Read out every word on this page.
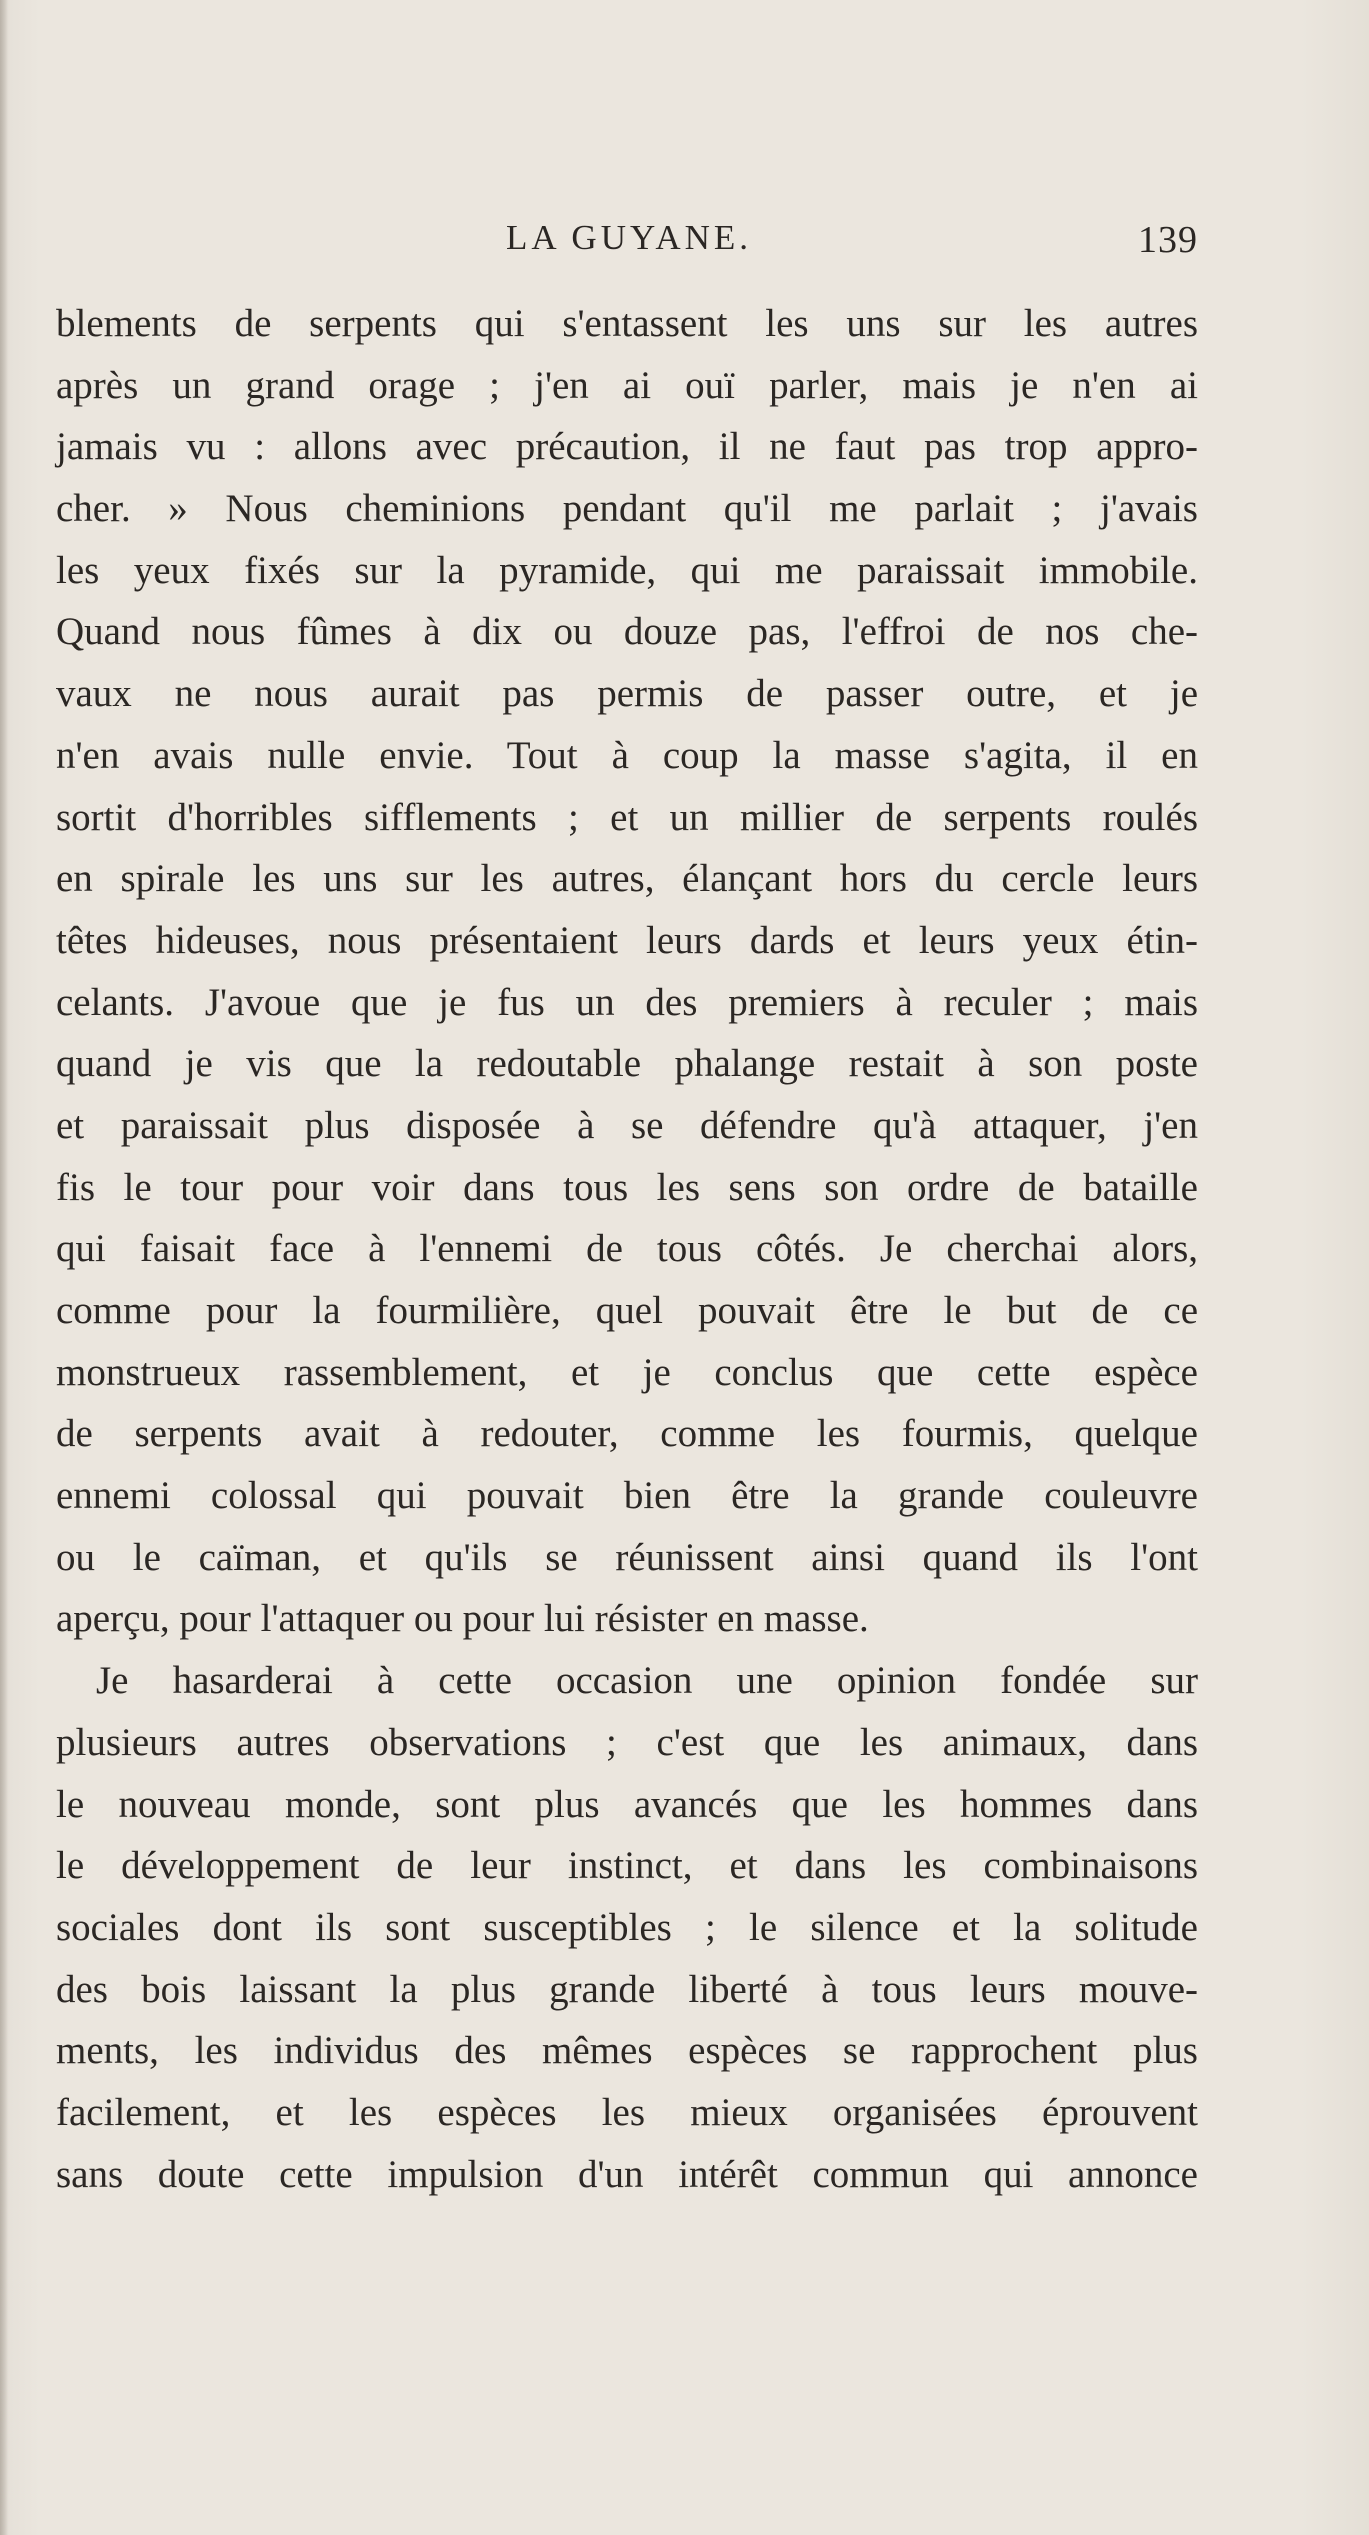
LA GUYANE.	139
blements de serpents qui s'entassent les uns sur les autres
après un grand orage ; j'en ai ouï parler, mais je n'en ai
jamais vu : allons avec précaution, il ne faut pas trop appro-
cher. » Nous cheminions pendant qu'il me parlait ; j'avais
les yeux fixés sur la pyramide, qui me paraissait immobile.
Quand nous fûmes à dix ou douze pas, l'effroi de nos che-
vaux ne nous aurait pas permis de passer outre, et je
n'en avais nulle envie. Tout à coup la masse s'agita, il en
sortit d'horribles sifflements ; et un millier de serpents roulés
en spirale les uns sur les autres, élançant hors du cercle leurs
têtes hideuses, nous présentaient leurs dards et leurs yeux étin-
celants. J'avoue que je fus un des premiers à reculer ; mais
quand je vis que la redoutable phalange restait à son poste
et paraissait plus disposée à se défendre qu'à attaquer, j'en
fis le tour pour voir dans tous les sens son ordre de bataille
qui faisait face à l'ennemi de tous côtés. Je cherchai alors,
comme pour la fourmilière, quel pouvait être le but de ce
monstrueux rassemblement, et je conclus que cette espèce
de serpents avait à redouter, comme les fourmis, quelque
ennemi colossal qui pouvait bien être la grande couleuvre
ou le caïman, et qu'ils se réunissent ainsi quand ils l'ont
aperçu, pour l'attaquer ou pour lui résister en masse.
Je hasarderai à cette occasion une opinion fondée sur
plusieurs autres observations ; c'est que les animaux, dans
le nouveau monde, sont plus avancés que les hommes dans
le développement de leur instinct, et dans les combinaisons
sociales dont ils sont susceptibles ; le silence et la solitude
des bois laissant la plus grande liberté à tous leurs mouve-
ments, les individus des mêmes espèces se rapprochent plus
facilement, et les espèces les mieux organisées éprouvent
sans doute cette impulsion d'un intérêt commun qui annonce
